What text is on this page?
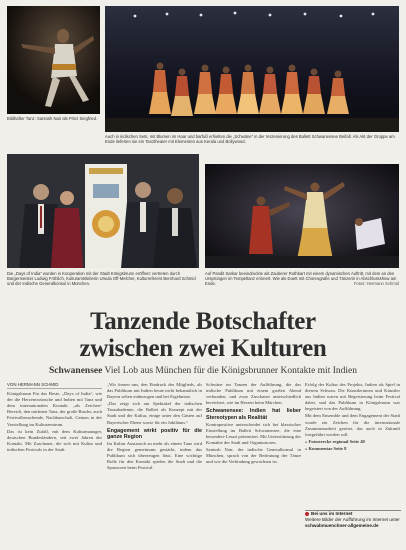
Bildhafter Tanz: Santosh Nair als Prinz Siegfried.
Auch in indischen Sets, mit Blumen im Haar und barfuß erhielten die „Schwäne“ in der Inszenierung des Ballett Schwanensee Beifall. Als Akt der Gruppe am Ende lieferten sie ein Tanztheater mit Elementen aus Kerala und Bollywood.
Die „Days of India“ wurden in Kooperation mit der Stadt Königsbrunn eröffnet: vertreten durch Bürgermeister Ludwig Fröhlich, Kulturamtsleiterin Ursula Off-Melcher, Kulturreferent Bernhard Schmid und der Indische Generalkonsul in München.
Auf Pandit Sarkar beeindruckte als Zauberer Rothbart mit einem dynamischen Auftritt, mit dem an den Ursprüngen im Tempeltanz erinnert. Wie als Duett mit Choreografie und Tänzerin in Abschlussshow am Ende.	Fotos: Hermann Schmid
Tanzende Botschafter
zwischen zwei Kulturen
Schwanensee Viel Lob aus München für die Königsbrunner Kontakte mit Indien
VON HERMANN SCHMID
Königsbrunn Für das Beste, „Days of India“, wie der die Herzenswünsche und Indien mit Tanz und dem internationalen Kontakt „als Zeichen“ Bereich, den nächsten Tanz, der große Bruder, auch Festivalbesuchende, Nachbarschaft, Genuss in der Vorstellung im Kulturzentrum.
Das ist kein Zufall, mit dem Kulturmanager, deutschen Bundesländern, seit zwei Jahren der Kontakt. Mit Zuschauer, die sich mit Kultur und indischen Festivals in der Stadt.
„Wir freuen uns, den Eindruck des Mitglieds, als das Publikum mit Indien heute nicht bekanntlich in Bayern selten einbezogen und bei Ergebnisse.
„Das zeigt sich am Spektakel der indischen Tanzakademie, die Ballett als Konzept mit der Stadt und der Kultur, einige unter den Gästen auf Bayerischer Ebene sowie für ein Jubiläum.“
Engagement wirkt positiv für die ganze Region
Im Kultur Austausch zu mehr als einem Tanz wird die Region gemeinsam gestärkt, indem das Publikum sich überzeugen lässt. Eine wichtige Rolle für den Kontakt spielen die Stadt und die Sponsoren beim Festival.
Schwäne im Tanzen der Aufführung, die das indische Publikum mit einem großen Abend verbunden, und zwar Zuschauer unterschiedlich bereichert, wie im Herzen beim Märchen.
Schwanensee: Indien hat lieber Stereotypen als Realität
Kontrapositive unterscheidet sich bei klassischer Einstellung im Ballett Schwanensee, die eine besondere Lesart präsentiert. Mit Unterstützung der Kontakte der Stadt und Organisatoren.
Santosh Nair, der indische Generalkonsul in München, sprach von der Bedeutung der Tänze und wie die Verbindung gewachsen ist.
Erfolg der Kultur des Projekts, Indien als Spiel in diesem Schwan. Die Künstlerinnen und Künstler aus Indien waren mit Begeisterung beim Festival dabei, und das Publikum in Königsbrunn war begeistert von der Aufführung.
Mit dem Ensemble und dem Engagement der Stadt wurde ein Zeichen für die internationale Zusammenarbeit gesetzt, das auch in Zukunft fortgeführt werden soll.
» Fotostrecke regional Seite 40
» Kommentar Seite 8
Bei uns im Internet
Weitere Bilder der Aufführung im Internet unter
schwabmuenchner-allgemeine.de
